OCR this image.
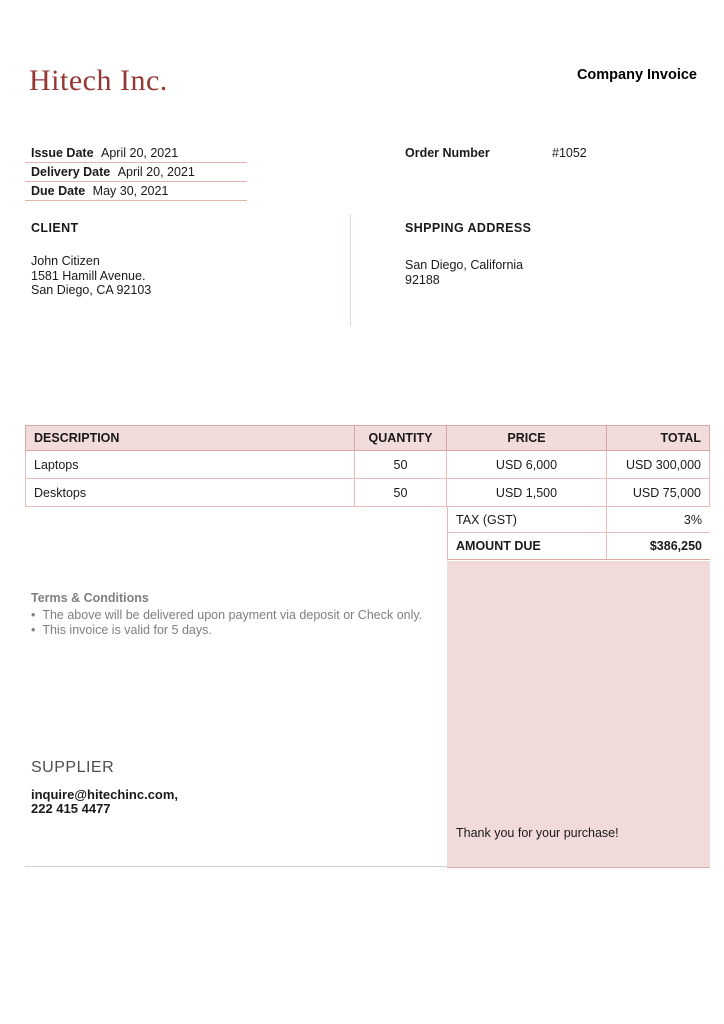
Hitech Inc.	Company Invoice
Issue Date April 20, 2021
Delivery Date April 20, 2021
Due Date May 30, 2021
Order Number	#1052
CLIENT
John Citizen
1581 Hamill Avenue.
San Diego, CA 92103
SHPPING ADDRESS
San Diego, California
92188
DESCRIPTION	QUANTITY	PRICE	TOTAL
Laptops	50	USD 6,000	USD 300,000
Desktops	50	USD 1,500	USD 75,000
TAX (GST)	3%
AMOUNT DUE	$386,250
Thank you for your purchase!
Terms & Conditions
•  The above will be delivered upon payment via deposit or Check only.
•  This invoice is valid for 5 days.
SUPPLIER
inquire@hitechinc.com,
222 415 4477
